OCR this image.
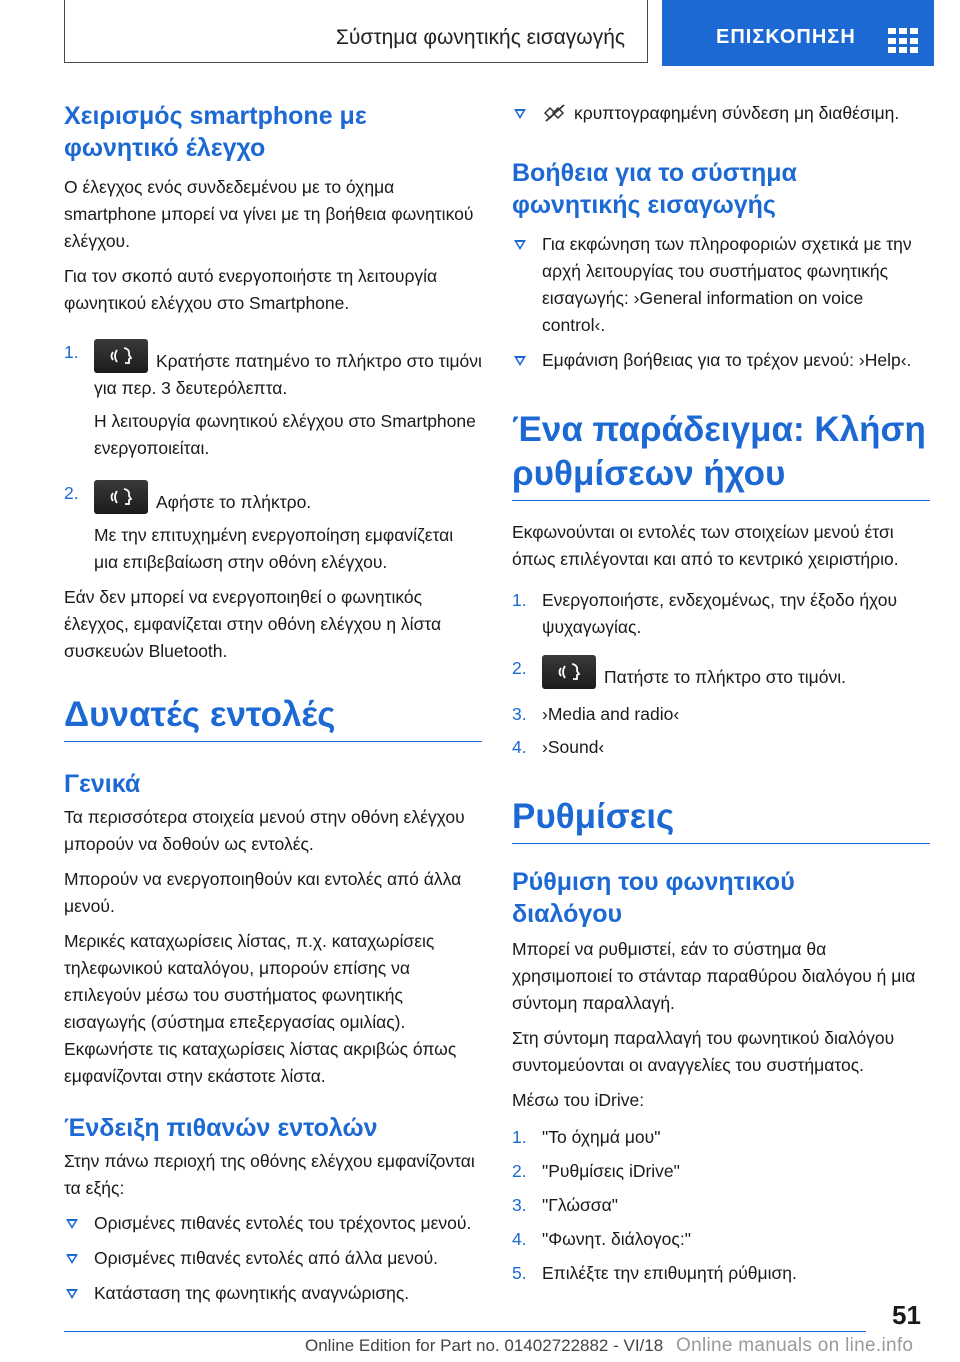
Σύστημα φωνητικής εισαγωγής	ΕΠΙΣΚΟΠΗΣΗ
Χειρισμός smartphone με φωνητικό έλεγχο

Ο έλεγχος ενός συνδεδεμένου με το όχημα smartphone μπορεί να γίνει με τη βοήθεια φωνητικού ελέγχου.

Για τον σκοπό αυτό ενεργοποιήστε τη λειτουργία φωνητικού ελέγχου στο Smartphone.

1.	Κρατήστε πατημένο το πλήκτρο στο τιμόνι για περ. 3 δευτερόλεπτα.

Η λειτουργία φωνητικού ελέγχου στο Smartphone ενεργοποιείται.

2.	Αφήστε το πλήκτρο.

Με την επιτυχημένη ενεργοποίηση εμφανίζεται μια επιβεβαίωση στην οθόνη ελέγχου.

Εάν δεν μπορεί να ενεργοποιηθεί ο φωνητικός έλεγχος, εμφανίζεται στην οθόνη ελέγχου η λίστα συσκευών Bluetooth.

Δυνατές εντολές
Γενικά

Τα περισσότερα στοιχεία μενού στην οθόνη ελέγχου μπορούν να δοθούν ως εντολές.

Μπορούν να ενεργοποιηθούν και εντολές από άλλα μενού.

Μερικές καταχωρίσεις λίστας, π.χ. καταχωρίσεις τηλεφωνικού καταλόγου, μπορούν επίσης να επιλεγούν μέσω του συστήματος φωνητικής εισαγωγής (σύστημα επεξεργασίας ομιλίας). Εκφωνήστε τις καταχωρίσεις λίστας ακριβώς όπως εμφανίζονται στην εκάστοτε λίστα.

Ένδειξη πιθανών εντολών

Στην πάνω περιοχή της οθόνης ελέγχου εμφανίζονται τα εξής:

Ορισμένες πιθανές εντολές του τρέχοντος μενού.
Ορισμένες πιθανές εντολές από άλλα μενού.
Κατάσταση της φωνητικής αναγνώρισης.
κρυπτογραφημένη σύνδεση μη διαθέσιμη.
Βοήθεια για το σύστημα φωνητικής εισαγωγής
Για εκφώνηση των πληροφοριών σχετικά με την αρχή λειτουργίας του συστήματος φωνητικής εισαγωγής: ›General information on voice control‹.
Εμφάνιση βοήθειας για το τρέχον μενού: ›Help‹.
Ένα παράδειγμα: Κλήση ρυθμίσεων ήχου

Εκφωνούνται οι εντολές των στοιχείων μενού έτσι όπως επιλέγονται και από το κεντρικό χειριστήριο.

1. Ενεργοποιήστε, ενδεχομένως, την έξοδο ήχου ψυχαγωγίας.
2.	Πατήστε το πλήκτρο στο τιμόνι.
3. ›Media and radio‹
4. ›Sound‹
Ρυθμίσεις
Ρύθμιση του φωνητικού διαλόγου

Μπορεί να ρυθμιστεί, εάν το σύστημα θα χρησιμοποιεί το στάνταρ παραθύρου διαλόγου ή μια σύντομη παραλλαγή.

Στη σύντομη παραλλαγή του φωνητικού διαλόγου συντομεύονται οι αναγγελίες του συστήματος.

Μέσω του iDrive:

1. "Το όχημά μου"
2. "Ρυθμίσεις iDrive"
3. "Γλώσσα"
4. "Φωνητ. διάλογος:"
5. Επιλέξτε την επιθυμητή ρύθμιση.
51
Online Edition for Part no. 01402722882 - VI/18 Online manuals on line.info
